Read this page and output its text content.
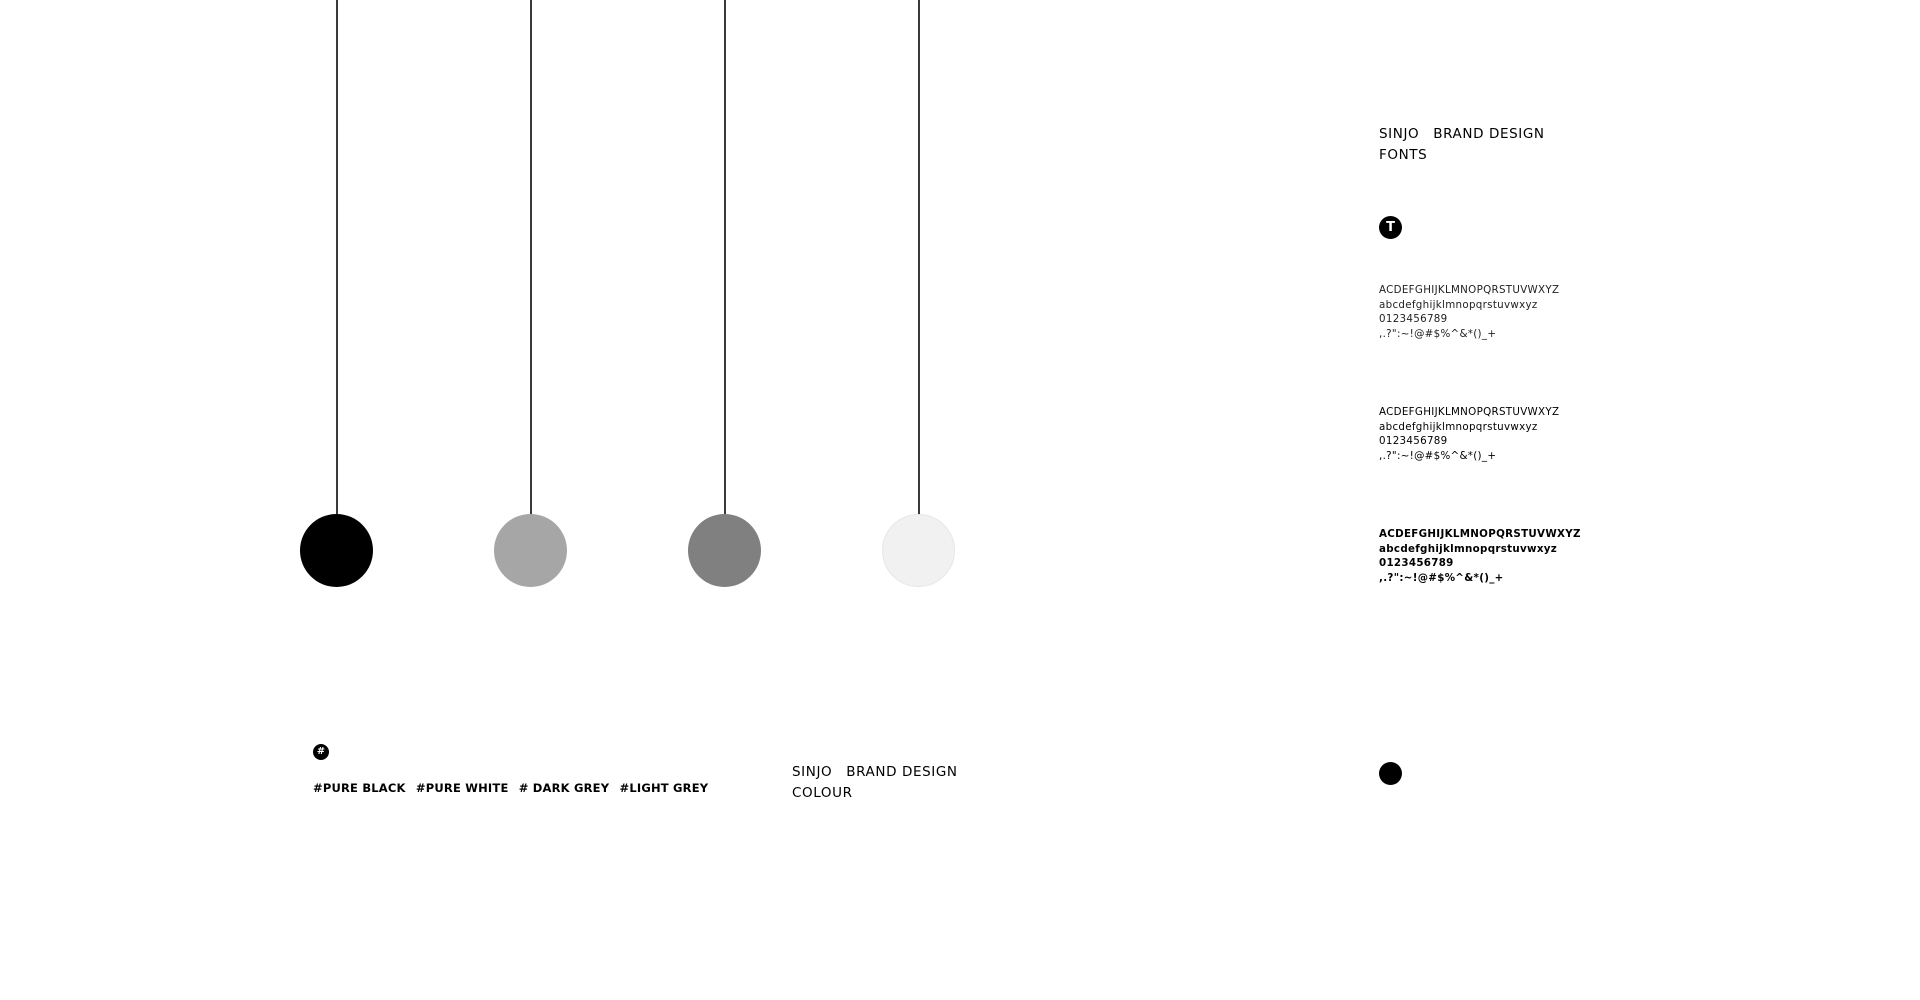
#
#PURE BLACK #PURE WHITE # DARK GREY #LIGHT GREY
SINJO BRAND DESIGN
COLOUR
SINJO BRAND DESIGN
FONTS
T
ACDEFGHIJKLMNOPQRSTUVWXYZ
abcdefghijklmnopqrstuvwxyz
0123456789
,.?":~!@#$%^&*()_+
ACDEFGHIJKLMNOPQRSTUVWXYZ
abcdefghijklmnopqrstuvwxyz
0123456789
,.?":~!@#$%^&*()_+
ACDEFGHIJKLMNOPQRSTUVWXYZ
abcdefghijklmnopqrstuvwxyz
0123456789
,.?":~!@#$%^&*()_+
